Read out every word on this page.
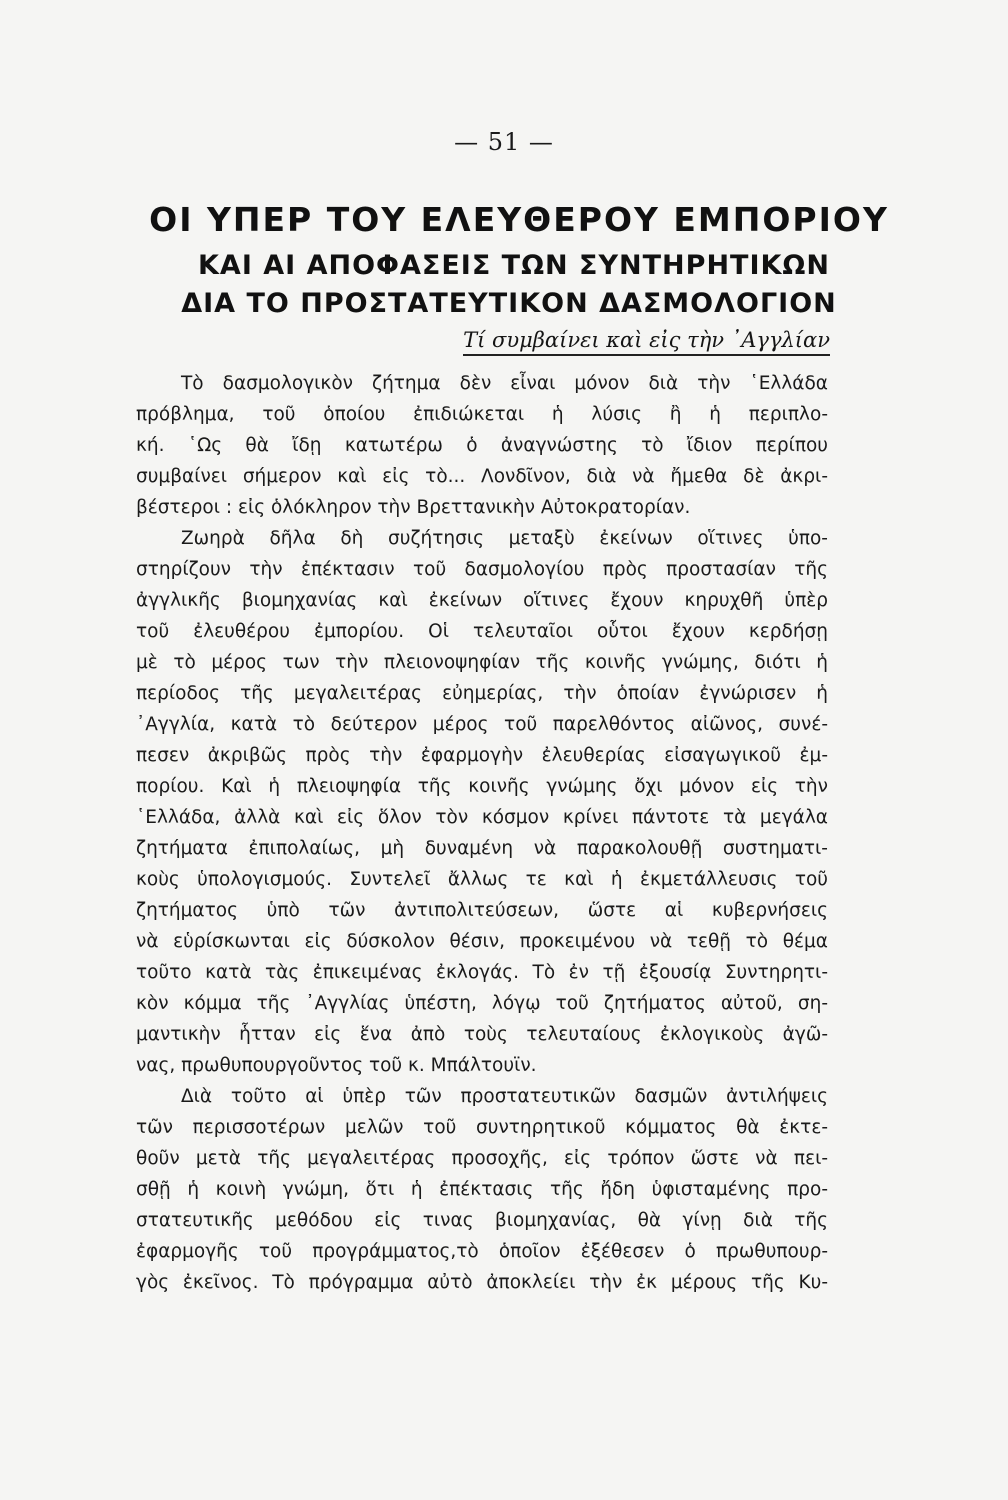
— 51 —
ΟΙ ΥΠΕΡ ΤΟΥ ΕΛΕΥΘΕΡΟΥ ΕΜΠΟΡΙΟΥ
ΚΑΙ ΑΙ ΑΠΟΦΑΣΕΙΣ ΤΩΝ ΣΥΝΤΗΡΗΤΙΚΩΝ
ΔΙΑ ΤΟ ΠΡΟΣΤΑΤΕΥΤΙΚΟΝ ΔΑΣΜΟΛΟΓΙΟΝ
Τί συμβαίνει καὶ εἰς τὴν ᾿Αγγλίαν
Τὸ δασμολογικὸν ζήτημα δὲν εἶναι μόνον διὰ τὴν ῾Ελλάδα
πρόβλημα, τοῦ ὁποίου ἐπιδιώκεται ἡ λύσις ἢ ἡ περιπλο-
κή. ῾Ως θὰ ἴδῃ κατωτέρω ὁ ἀναγνώστης τὸ ἴδιον περίπου
συμβαίνει σήμερον καὶ εἰς τὸ... Λονδῖνον, διὰ νὰ ἤμεθα δὲ ἀκρι-
βέστεροι : εἰς ὁλόκληρον τὴν Βρεττανικὴν Αὐτοκρατορίαν.
Ζωηρὰ δῆλα δὴ συζήτησις μεταξὺ ἐκείνων οἵτινες ὑπο-
στηρίζουν τὴν ἐπέκτασιν τοῦ δασμολογίου πρὸς προστασίαν τῆς
ἀγγλικῆς βιομηχανίας καὶ ἐκείνων οἵτινες ἔχουν κηρυχθῆ ὑπὲρ
τοῦ ἐλευθέρου ἐμπορίου. Οἱ τελευταῖοι οὗτοι ἔχουν κερδήσῃ
μὲ τὸ μέρος των τὴν πλειονοψηφίαν τῆς κοινῆς γνώμης, διότι ἡ
περίοδος τῆς μεγαλειτέρας εὐημερίας, τὴν ὁποίαν ἐγνώρισεν ἡ
᾿Αγγλία, κατὰ τὸ δεύτερον μέρος τοῦ παρελθόντος αἰῶνος, συνέ-
πεσεν ἀκριβῶς πρὸς τὴν ἐφαρμογὴν ἐλευθερίας εἰσαγωγικοῦ ἐμ-
πορίου. Καὶ ἡ πλειοψηφία τῆς κοινῆς γνώμης ὄχι μόνον εἰς τὴν
῾Ελλάδα, ἀλλὰ καὶ εἰς ὅλον τὸν κόσμον κρίνει πάντοτε τὰ μεγάλα
ζητήματα ἐπιπολαίως, μὴ δυναμένη νὰ παρακολουθῇ συστηματι-
κοὺς ὑπολογισμούς. Συντελεῖ ἄλλως τε καὶ ἡ ἐκμετάλλευσις τοῦ
ζητήματος ὑπὸ τῶν ἀντιπολιτεύσεων, ὥστε αἱ κυβερνήσεις
νὰ εὑρίσκωνται εἰς δύσκολον θέσιν, προκειμένου νὰ τεθῇ τὸ θέμα
τοῦτο κατὰ τὰς ἐπικειμένας ἐκλογάς. Τὸ ἐν τῇ ἐξουσίᾳ Συντηρητι-
κὸν κόμμα τῆς ᾿Αγγλίας ὑπέστη, λόγῳ τοῦ ζητήματος αὐτοῦ, ση-
μαντικὴν ἧτταν εἰς ἕνα ἀπὸ τοὺς τελευταίους ἐκλογικοὺς ἀγῶ-
νας, πρωθυπουργοῦντος τοῦ κ. Μπάλτουϊν.
Διὰ τοῦτο αἱ ὑπὲρ τῶν προστατευτικῶν δασμῶν ἀντιλήψεις
τῶν περισσοτέρων μελῶν τοῦ συντηρητικοῦ κόμματος θὰ ἐκτε-
θοῦν μετὰ τῆς μεγαλειτέρας προσοχῆς, εἰς τρόπον ὥστε νὰ πει-
σθῇ ἡ κοινὴ γνώμη, ὅτι ἡ ἐπέκτασις τῆς ἤδη ὑφισταμένης προ-
στατευτικῆς μεθόδου εἰς τινας βιομηχανίας, θὰ γίνῃ διὰ τῆς
ἐφαρμογῆς τοῦ προγράμματος,τὸ ὁποῖον ἐξέθεσεν ὁ πρωθυπουρ-
γὸς ἐκεῖνος. Τὸ πρόγραμμα αὐτὸ ἀποκλείει τὴν ἐκ μέρους τῆς Κυ-
